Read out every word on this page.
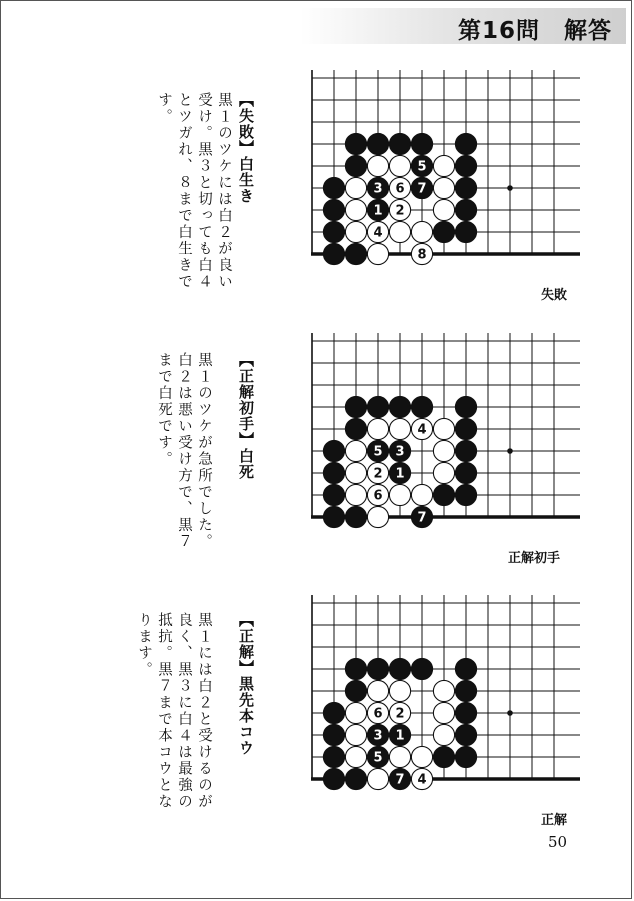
第16問　解答
【失敗】白生き
黒１のツケには白２が良い受け。黒３と切っても白４とツガれ、８まで白生きです。
1 2
3
4
5
6 7
8
失敗
【正解初手】白死
黒１のツケが急所でした。白２は悪い受け方で、黒７まで白死です。
1
2
3
4
5
6
7
正解初手
【正解】黒先本コウ
黒１には白２と受けるのが良く、黒３に白４は最強の抵抗。黒７まで本コウとなります。
1
2
3
4
5
6
7
正解
50
